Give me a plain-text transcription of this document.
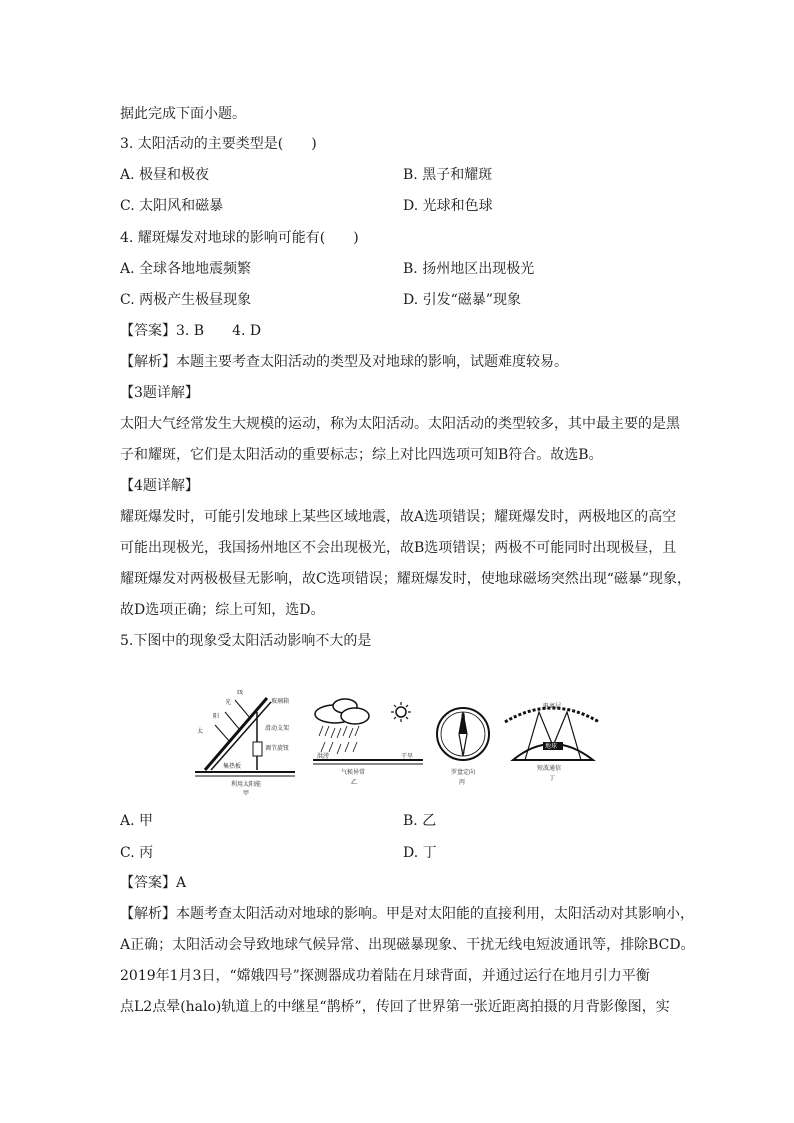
据此完成下面小题。
3. 太阳活动的主要类型是(　　)
A. 极昼和极夜	B. 黑子和耀斑
C. 太阳风和磁暴	D. 光球和色球
4. 耀斑爆发对地球的影响可能有(　　)
A. 全球各地地震频繁	B. 扬州地区出现极光
C. 两极产生极昼现象	D. 引发“磁暴”现象
【答案】3. B　　4. D
【解析】本题主要考查太阳活动的类型及对地球的影响，试题难度较易。
【3题详解】
太阳大气经常发生大规模的运动，称为太阳活动。太阳活动的类型较多，其中最主要的是黑
子和耀斑，它们是太阳活动的重要标志；综上对比四选项可知B符合。故选B。
【4题详解】
耀斑爆发时，可能引发地球上某些区域地震，故A选项错误；耀斑爆发时，两极地区的高空
可能出现极光，我国扬州地区不会出现极光，故B选项错误；两极不可能同时出现极昼，且
耀斑爆发对两极极昼无影响，故C选项错误；耀斑爆发时，使地球磁场突然出现“磁暴”现象，
故D选项正确；综上可知，选D。
5.下图中的现象受太阳活动影响不大的是
太
阳
光
线
玻璃箱
滑动支架
调节旋钮
集热板
利用太阳能
甲
洪涝	干旱
气候异常
乙
N
S
罗盘定向
丙
电离层
地球
短波通信
丁
A. 甲	B. 乙
C. 丙	D. 丁
【答案】A
【解析】本题考查太阳活动对地球的影响。甲是对太阳能的直接利用，太阳活动对其影响小，
A正确；太阳活动会导致地球气候异常、出现磁暴现象、干扰无线电短波通讯等，排除BCD。
2019年1月3日，“嫦娥四号”探测器成功着陆在月球背面，并通过运行在地月引力平衡
点L2点晕(halo)轨道上的中继星“鹊桥”，传回了世界第一张近距离拍摄的月背影像图，实
